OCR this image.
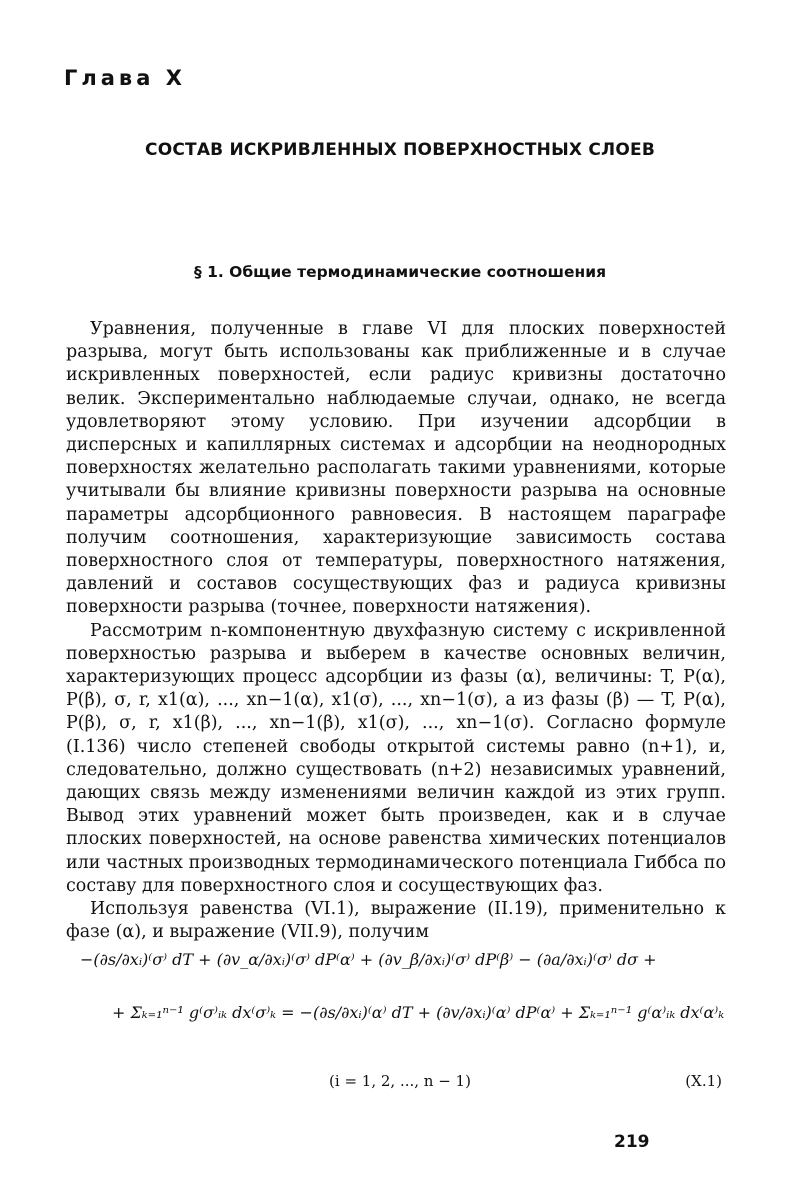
Глава X
СОСТАВ ИСКРИВЛЕННЫХ ПОВЕРХНОСТНЫХ СЛОЕВ
§ 1. Общие термодинамические соотношения

Уравнения, полученные в главе VI для плоских поверхностей разрыва, могут быть использованы как приближенные и в случае искривленных поверхностей, если радиус кривизны достаточно велик. Экспериментально наблюдаемые случаи, однако, не всегда удовлетворяют этому условию. При изучении адсорбции в дисперсных и капиллярных системах и адсорбции на неоднородных поверхностях желательно располагать такими уравнениями, которые учитывали бы влияние кривизны поверхности разрыва на основные параметры адсорбционного равновесия. В настоящем параграфе получим соотношения, характеризующие зависимость состава поверхностного слоя от температуры, поверхностного натяжения, давлений и составов сосуществующих фаз и радиуса кривизны поверхности разрыва (точнее, поверхности натяжения).

Рассмотрим n-компонентную двухфазную систему с искривленной поверхностью разрыва и выберем в качестве основных величин, характеризующих процесс адсорбции из фазы (α), величины: T, P(α), P(β), σ, r, x1(α), ..., xn−1(α), x1(σ), ..., xn−1(σ), а из фазы (β) — T, P(α), P(β), σ, r, x1(β), ..., xn−1(β), x1(σ), ..., xn−1(σ). Согласно формуле (I.136) число степеней свободы открытой системы равно (n+1), и, следовательно, должно существовать (n+2) независимых уравнений, дающих связь между изменениями величин каждой из этих групп. Вывод этих уравнений может быть произведен, как и в случае плоских поверхностей, на основе равенства химических потенциалов или частных производных термодинамического потенциала Гиббса по составу для поверхностного слоя и сосуществующих фаз.

Используя равенства (VI.1), выражение (II.19), применительно к фазе (α), и выражение (VII.9), получим

−(∂s/∂xᵢ)⁽σ⁾ dT + (∂v_α/∂xᵢ)⁽σ⁾ dP⁽α⁾ + (∂v_β/∂xᵢ)⁽σ⁾ dP⁽β⁾ − (∂a/∂xᵢ)⁽σ⁾ dσ +

+ Σₖ₌₁ⁿ⁻¹ g⁽σ⁾ᵢₖ dx⁽σ⁾ₖ = −(∂s/∂xᵢ)⁽α⁾ dT + (∂v/∂xᵢ)⁽α⁾ dP⁽α⁾ + Σₖ₌₁ⁿ⁻¹ g⁽α⁾ᵢₖ dx⁽α⁾ₖ

(i = 1, 2, ..., n − 1)	(X.1)
219
